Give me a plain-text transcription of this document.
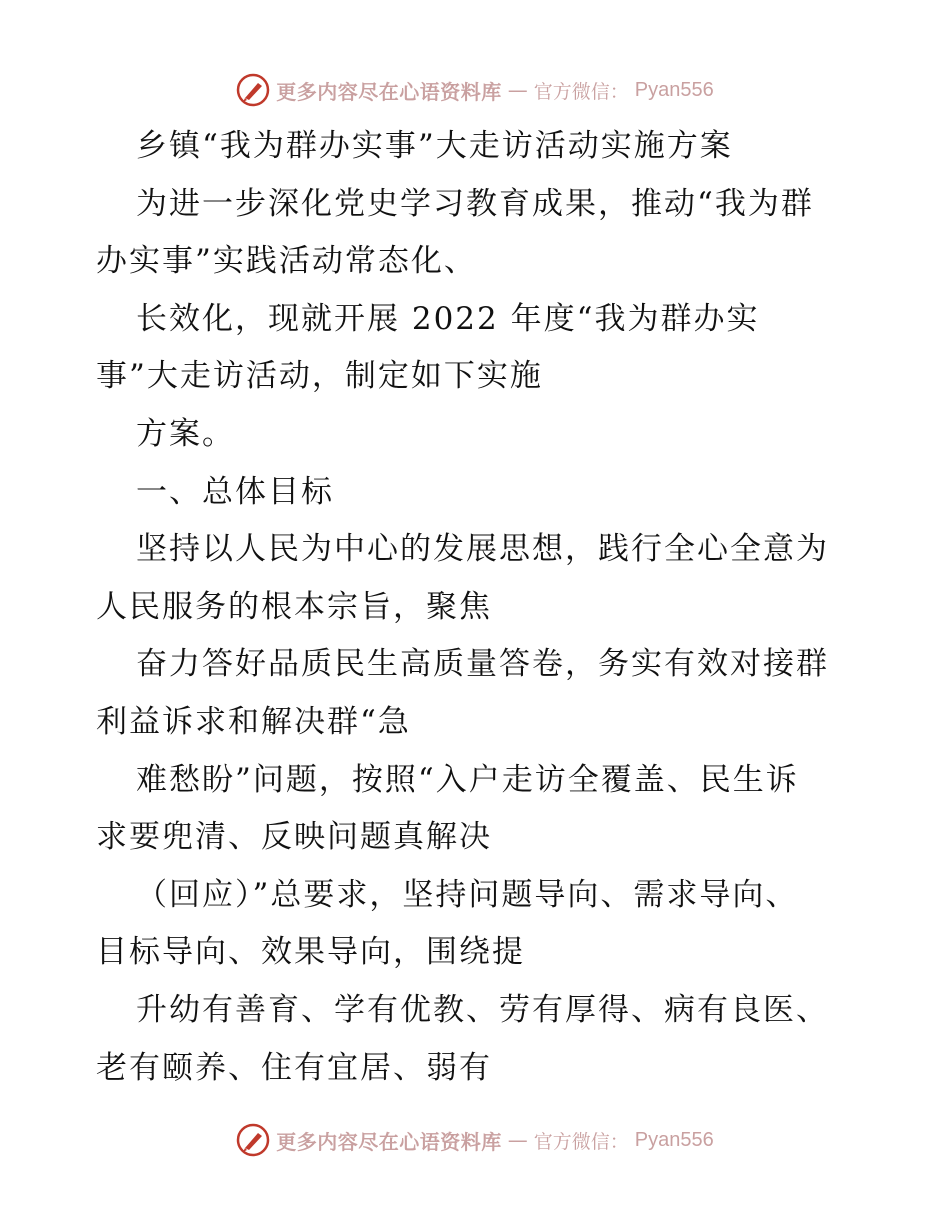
更多内容尽在心语资料库 — 官方微信： Pyan556
乡镇“我为群办实事”大走访活动实施方案
为进一步深化党史学习教育成果，推动“我为群
办实事”实践活动常态化、
长效化，现就开展 2022 年度“我为群办实
事”大走访活动，制定如下实施
方案。
一、总体目标
坚持以人民为中心的发展思想，践行全心全意为
人民服务的根本宗旨，聚焦
奋力答好品质民生高质量答卷，务实有效对接群
利益诉求和解决群“急
难愁盼”问题，按照“入户走访全覆盖、民生诉
求要兜清、反映问题真解决
（回应）”总要求，坚持问题导向、需求导向、
目标导向、效果导向，围绕提
升幼有善育、学有优教、劳有厚得、病有良医、
老有颐养、住有宜居、弱有
更多内容尽在心语资料库 — 官方微信： Pyan556
